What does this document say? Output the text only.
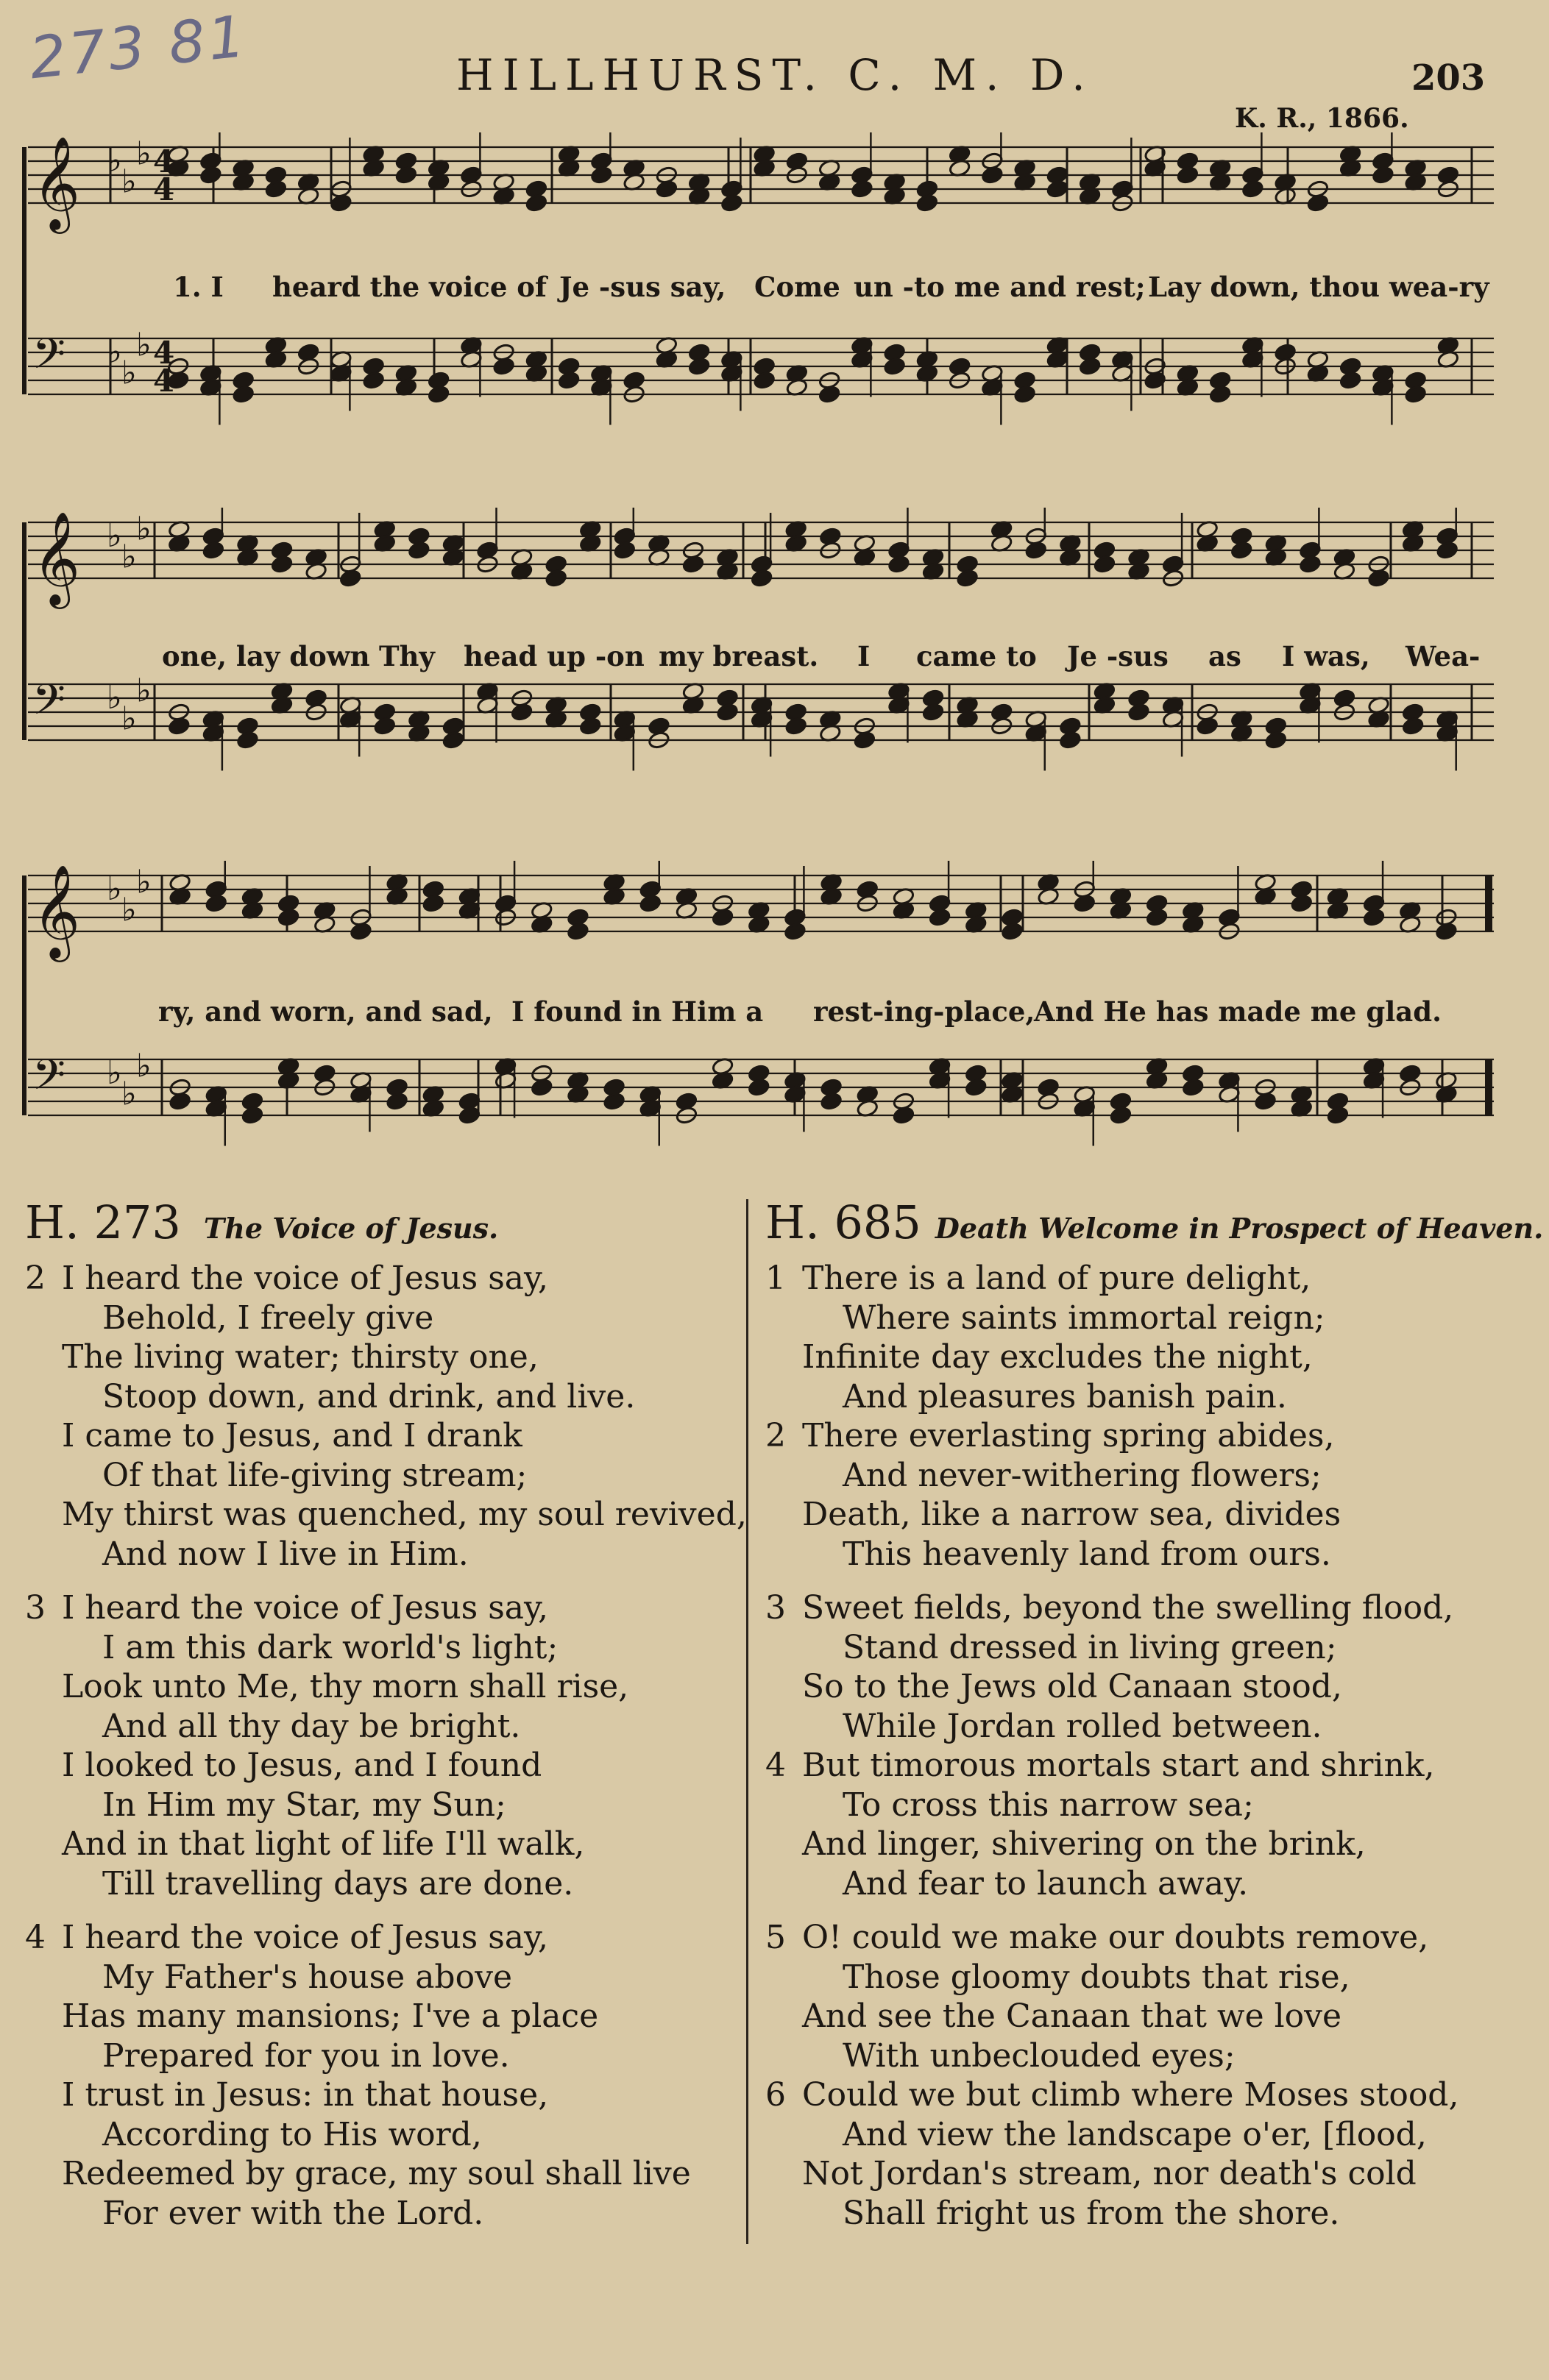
273 81	HILLHURST. C. M. D.	203
K. R., 1866.
𝄞 ♭
♭
♭
𝄢 ♭
♭
♭
4
4
4
4
1. I heard the voice of Je -sus say, Come un -to me and rest; Lay down, thou wea-ry
𝄞 ♭
♭
♭
𝄢 ♭
♭
♭
one, lay down Thy head up -on my breast. I came to Je -sus as I was, Wea-
𝄞 ♭
♭
♭
𝄢 ♭
♭
♭
ry, and worn, and sad, I found in Him a rest-ing-place,
And He has made me glad.
H. 273 The Voice of Jesus.
2 I heard the voice of Jesus say,
Behold, I freely give
The living water; thirsty one,
Stoop down, and drink, and live.
I came to Jesus, and I drank
Of that life-giving stream;
My thirst was quenched, my soul revived,
And now I live in Him.
3 I heard the voice of Jesus say,
I am this dark world's light;
Look unto Me, thy morn shall rise,
And all thy day be bright.
I looked to Jesus, and I found
In Him my Star, my Sun;
And in that light of life I'll walk,
Till travelling days are done.
4 I heard the voice of Jesus say,
My Father's house above
Has many mansions; I've a place
Prepared for you in love.
I trust in Jesus: in that house,
According to His word,
Redeemed by grace, my soul shall live
For ever with the Lord.
H. 685 Death Welcome in Prospect of Heaven.
1 There is a land of pure delight,
Where saints immortal reign;
Infinite day excludes the night,
And pleasures banish pain.
2 There everlasting spring abides,
And never-withering flowers;
Death, like a narrow sea, divides
This heavenly land from ours.
3 Sweet fields, beyond the swelling flood,
Stand dressed in living green;
So to the Jews old Canaan stood,
While Jordan rolled between.
4 But timorous mortals start and shrink,
To cross this narrow sea;
And linger, shivering on the brink,
And fear to launch away.
5 O! could we make our doubts remove,
Those gloomy doubts that rise,
And see the Canaan that we love
With unbeclouded eyes;
6 Could we but climb where Moses stood,
And view the landscape o'er, [flood,
Not Jordan's stream, nor death's cold
Shall fright us from the shore.
